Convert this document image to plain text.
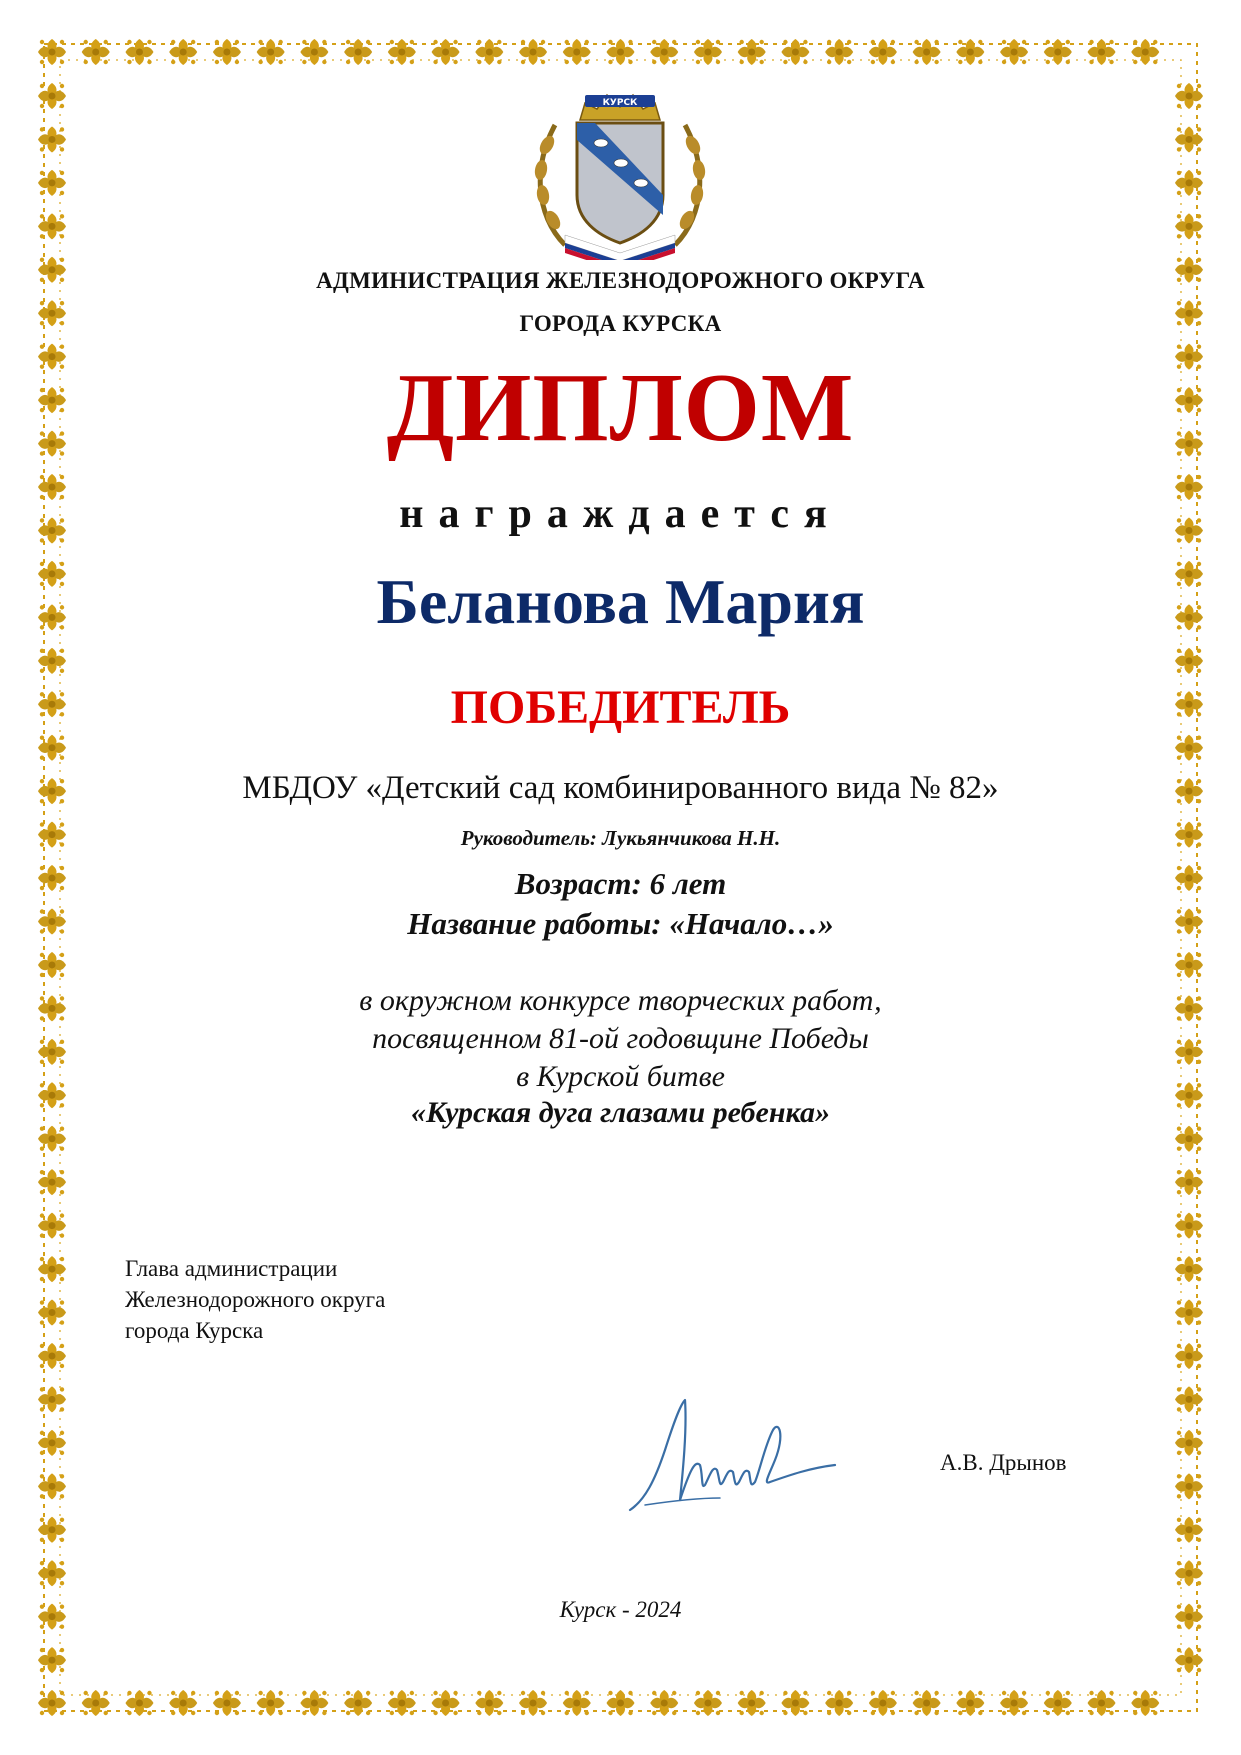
КУРСК
АДМИНИСТРАЦИЯ ЖЕЛЕЗНОДОРОЖНОГО ОКРУГА
ГОРОДА КУРСКА
ДИПЛОМ
награждается
Беланова Мария
ПОБЕДИТЕЛЬ
МБДОУ «Детский сад комбинированного вида № 82»
Руководитель: Лукьянчикова Н.Н.
Возраст: 6 лет
Название работы: «Начало…»
в окружном конкурсе творческих работ,
посвященном 81-ой годовщине Победы
в Курской битве
«Курская дуга глазами ребенка»
Глава администрации
Железнодорожного округа
города Курска
А.В. Дрынов
Курск - 2024
